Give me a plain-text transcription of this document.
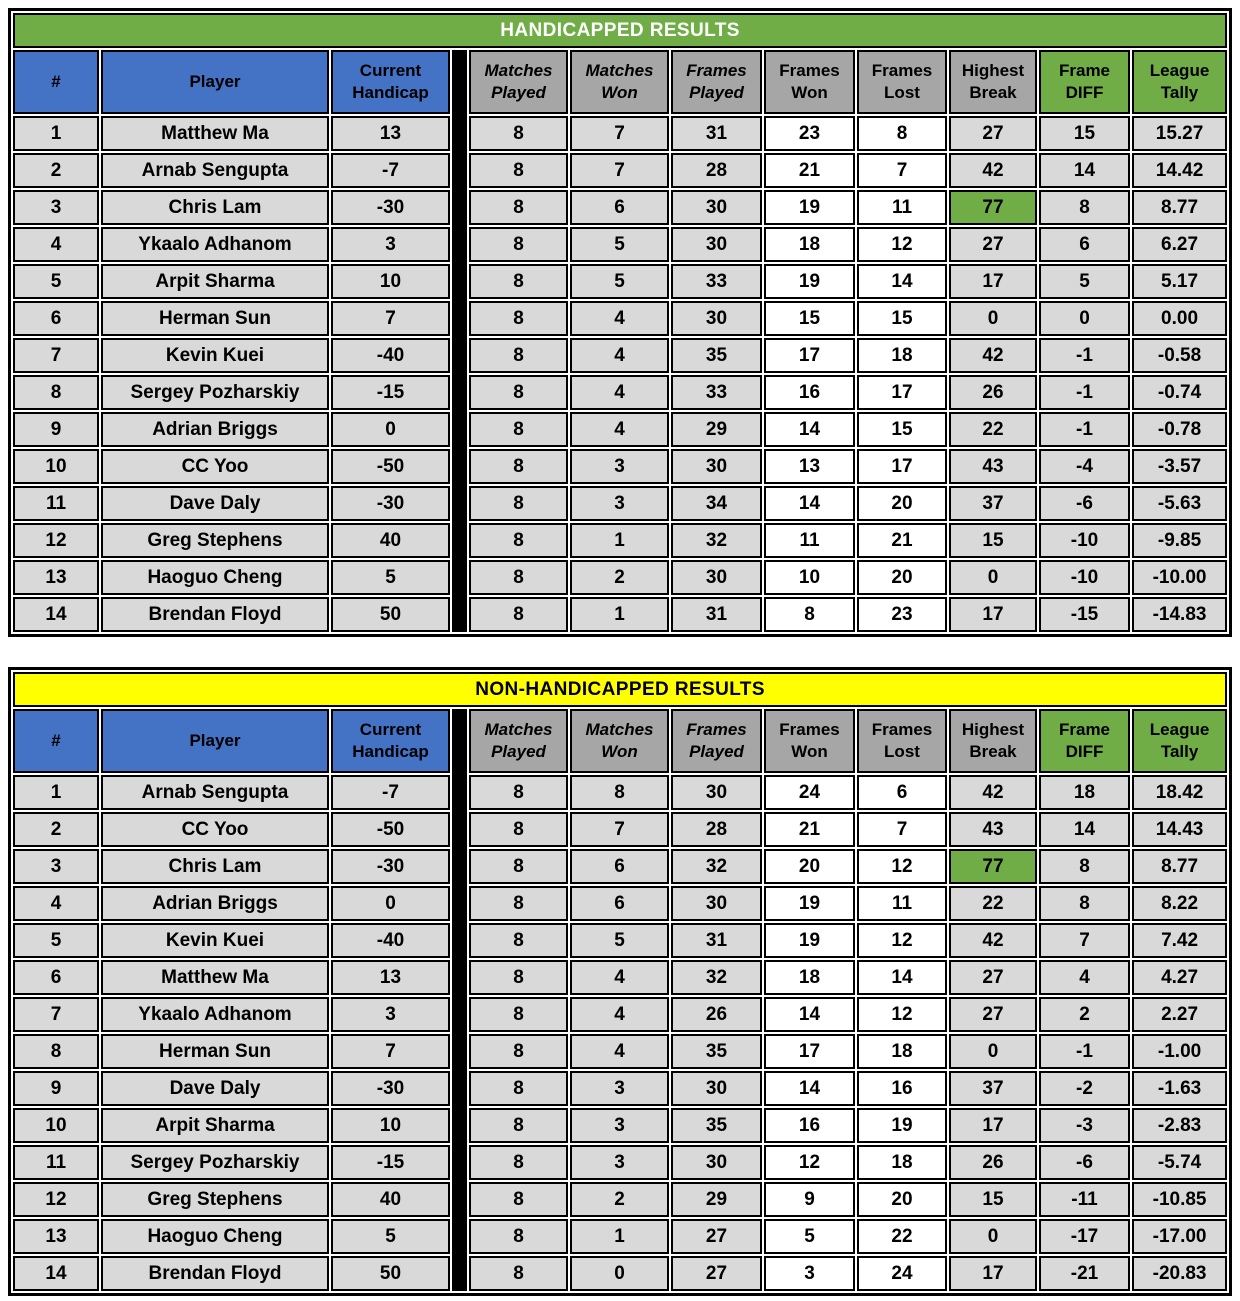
HANDICAPPED RESULTS											
#	Player	Current Handicap		Matches Played	Matches Won	Frames Played	Frames Won	Frames Lost	Highest Break	Frame DIFF	League Tally
1	Matthew Ma	13		8	7	31	23	8	27	15	15.27
2	Arnab Sengupta	-7		8	7	28	21	7	42	14	14.42
3	Chris Lam	-30		8	6	30	19	11	77	8	8.77
4	Ykaalo Adhanom	3		8	5	30	18	12	27	6	6.27
5	Arpit Sharma	10		8	5	33	19	14	17	5	5.17
6	Herman Sun	7		8	4	30	15	15	0	0	0.00
7	Kevin Kuei	-40		8	4	35	17	18	42	-1	-0.58
8	Sergey Pozharskiy	-15		8	4	33	16	17	26	-1	-0.74
9	Adrian Briggs	0		8	4	29	14	15	22	-1	-0.78
10	CC Yoo	-50		8	3	30	13	17	43	-4	-3.57
11	Dave Daly	-30		8	3	34	14	20	37	-6	-5.63
12	Greg Stephens	40		8	1	32	11	21	15	-10	-9.85
13	Haoguo Cheng	5		8	2	30	10	20	0	-10	-10.00
14	Brendan Floyd	50		8	1	31	8	23	17	-15	-14.83
NON-HANDICAPPED RESULTS											
#	Player	Current Handicap		Matches Played	Matches Won	Frames Played	Frames Won	Frames Lost	Highest Break	Frame DIFF	League Tally
1	Arnab Sengupta	-7		8	8	30	24	6	42	18	18.42
2	CC Yoo	-50		8	7	28	21	7	43	14	14.43
3	Chris Lam	-30		8	6	32	20	12	77	8	8.77
4	Adrian Briggs	0		8	6	30	19	11	22	8	8.22
5	Kevin Kuei	-40		8	5	31	19	12	42	7	7.42
6	Matthew Ma	13		8	4	32	18	14	27	4	4.27
7	Ykaalo Adhanom	3		8	4	26	14	12	27	2	2.27
8	Herman Sun	7		8	4	35	17	18	0	-1	-1.00
9	Dave Daly	-30		8	3	30	14	16	37	-2	-1.63
10	Arpit Sharma	10		8	3	35	16	19	17	-3	-2.83
11	Sergey Pozharskiy	-15		8	3	30	12	18	26	-6	-5.74
12	Greg Stephens	40		8	2	29	9	20	15	-11	-10.85
13	Haoguo Cheng	5		8	1	27	5	22	0	-17	-17.00
14	Brendan Floyd	50		8	0	27	3	24	17	-21	-20.83
